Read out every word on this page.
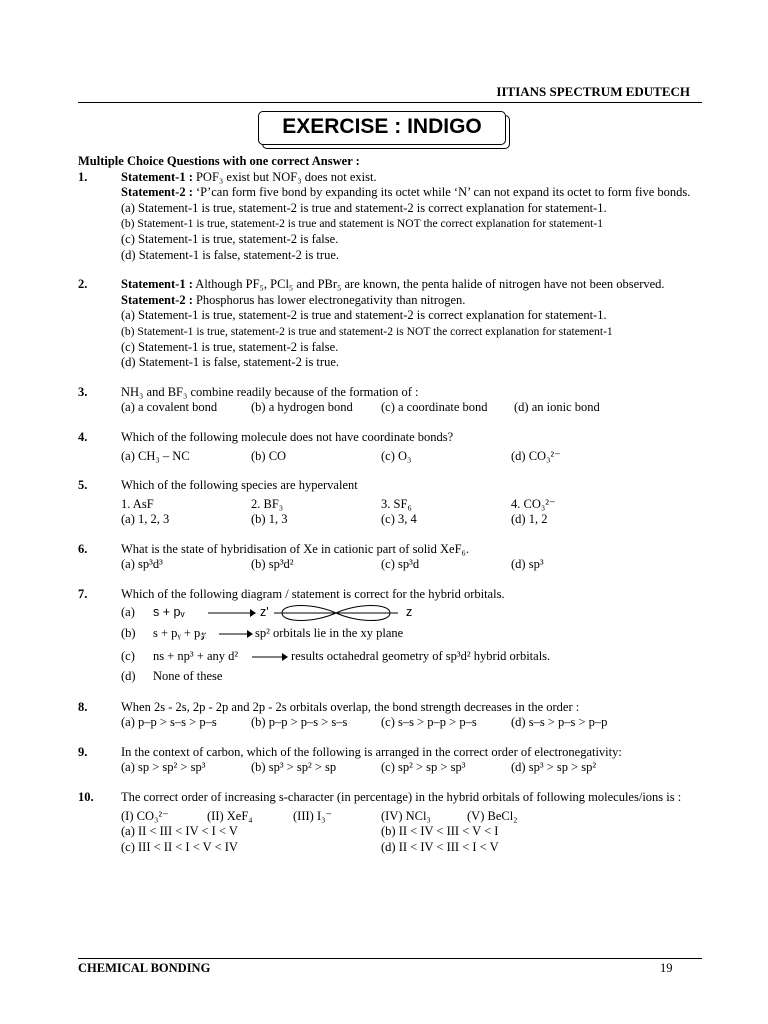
IITIANS SPECTRUM EDUTECH
EXERCISE : INDIGO
Multiple Choice Questions with one correct Answer :
1.	Statement-1 : POF₃ exist but NOF₃ does not exist.
Statement-2 : ‘P’can form five bond by expanding its octet while ‘N’ can not expand its octet to form five bonds.
(a) Statement-1 is true, statement-2 is true and statement-2 is correct explanation for statement-1.
(b) Statement-1 is true, statement-2 is true and statement is NOT the correct explanation for statement-1
(c) Statement-1 is true, statement-2 is false.
(d) Statement-1 is false, statement-2 is true.
2.	Statement-1 : Although PF₅, PCl₅ and PBr₅ are known, the penta halide of nitrogen have not been observed.
Statement-2 : Phosphorus has lower electronegativity than nitrogen.
(a) Statement-1 is true, statement-2 is true and statement-2 is correct explanation for statement-1.
(b) Statement-1 is true, statement-2 is true and statement-2 is NOT the correct explanation for statement-1
(c) Statement-1 is true, statement-2 is false.
(d) Statement-1 is false, statement-2 is true.
3.	NH₃ and BF₃ combine readily because of the formation of :
(a) a covalent bond	(b) a hydrogen bond	(c) a coordinate bond	(d) an ionic bond
4.	Which of the following molecule does not have coordinate bonds?
(a) CH₃ – NC	(b) CO	(c) O₃	(d) CO₃²⁻
5.	Which of the following species are hypervalent
1. AsF	2. BF₃	3. SF₆	4. CO₃²⁻
(a) 1, 2, 3	(b) 1, 3	(c) 3, 4	(d) 1, 2
6.	What is the state of hybridisation of Xe in cationic part of solid XeF₆.
(a) sp³d³	(b) sp³d²	(c) sp³d	(d) sp³
7.	Which of the following diagram / statement is correct for the hybrid orbitals.
(a)	s + pᵥ	z'	z
(b)	s + pᵧ + p𝓏	sp² orbitals lie in the xy plane
(c)	ns + np³ + any d²	results octahedral geometry of sp³d² hybrid orbitals.
(d)	None of these
8.	When 2s - 2s, 2p - 2p and 2p - 2s orbitals overlap, the bond strength decreases in the order :
(a) p–p > s–s > p–s	(b) p–p > p–s > s–s	(c) s–s > p–p > p–s	(d) s–s > p–s > p–p
9.	In the context of carbon, which of the following is arranged in the correct order of electronegativity:
(a) sp > sp² > sp³	(b) sp³ > sp² > sp	(c) sp² > sp > sp³	(d) sp³ > sp > sp²
10. The correct order of increasing s-character (in percentage) in the hybrid orbitals of following molecules/ions is :
(I) CO₃²⁻	(II) XeF₄	(III) I₃⁻	(IV) NCl₃	(V) BeCl₂
(a) II < III < IV < I < V	(b) II < IV < III < V < I
(c) III < II < I < V < IV	(d) II < IV < III < I < V
CHEMICAL BONDING	19
